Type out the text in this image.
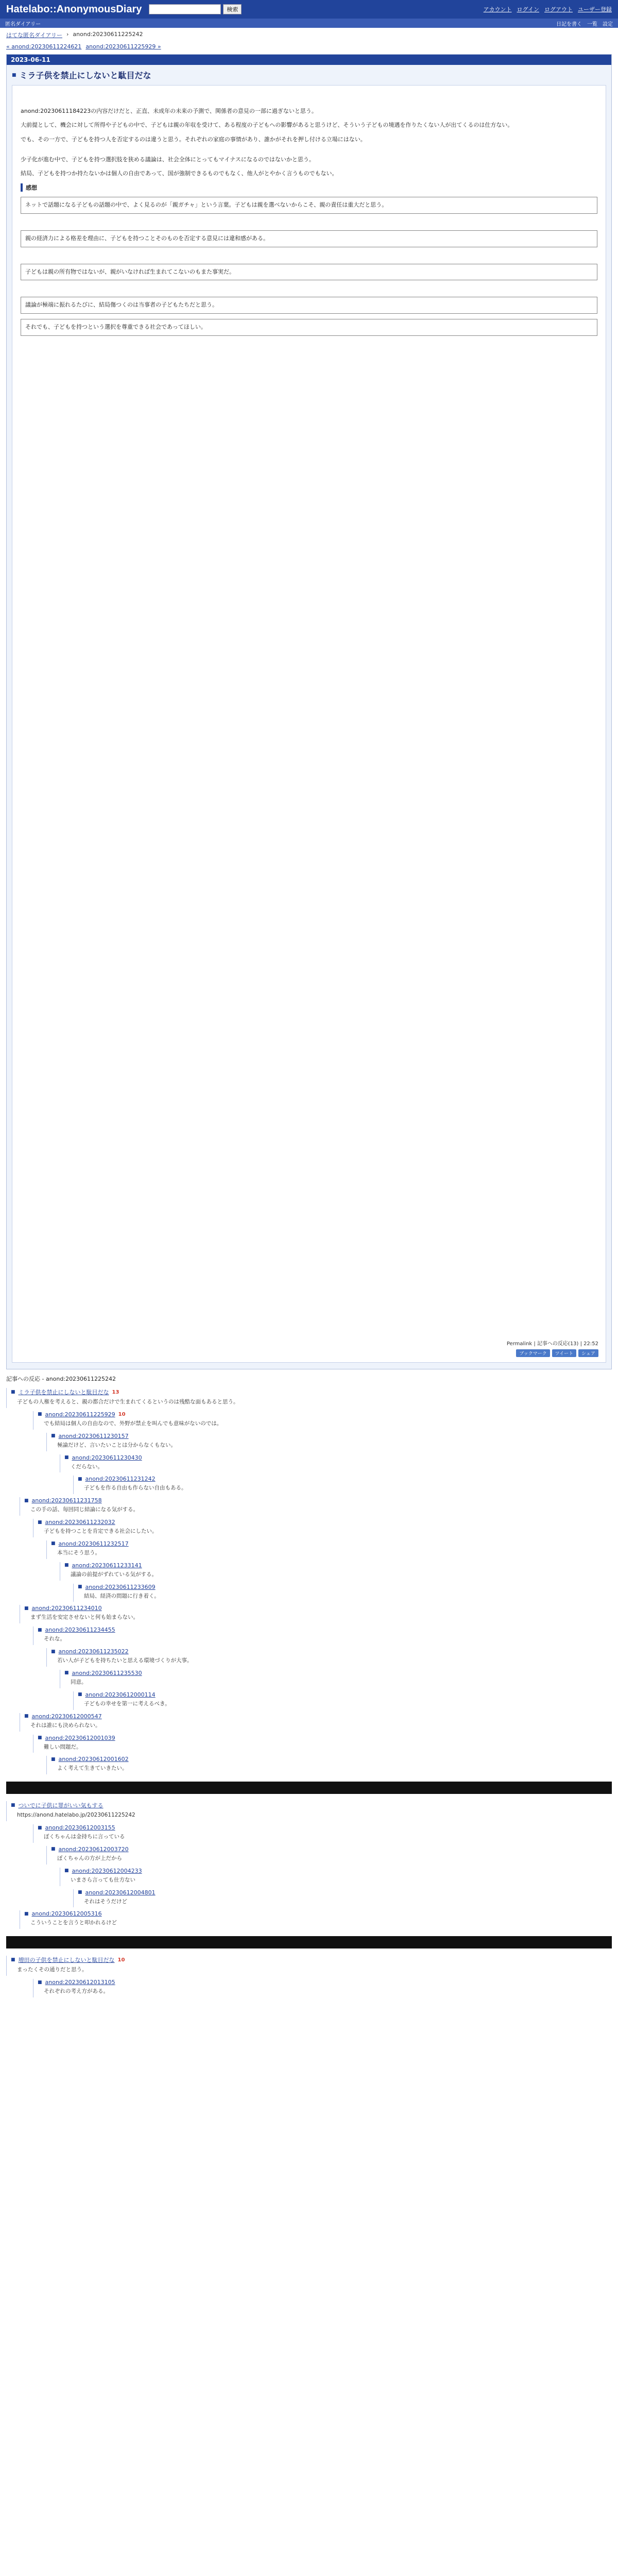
Hatelabo::AnonymousDiary	検索	アカウント ログイン ログアウト ユーザー登録
匿名ダイアリー	日記を書く 一覧 設定
はてな匿名ダイアリー › anond:20230611225242
« anond:20230611224621 anond:20230611225929 »
2023-06-11
■ ミラ子供を禁止にしないと駄目だな

anond:20230611184223の内容だけだと、正直、未成年の未来の予測で、関係者の意見の一部に過ぎないと思う。

大前提として、機会に対して所得や子どもの中で、子どもは親の年収を受けて、ある程度の子どもへの影響があると思うけど、そういう子どもの境遇を作りたくない人が出てくるのは仕方ない。

でも、その一方で、子どもを持つ人を否定するのは違うと思う。それぞれの家庭の事情があり、誰かがそれを押し付ける立場にはない。

少子化が進む中で、子どもを持つ選択肢を狭める議論は、社会全体にとってもマイナスになるのではないかと思う。

結局、子どもを持つか持たないかは個人の自由であって、国が強制できるものでもなく、他人がとやかく言うものでもない。

感想
ネットで話題になる子どもの話題の中で、よく見るのが「親ガチャ」という言葉。子どもは親を選べないからこそ、親の責任は重大だと思う。
親の経済力による格差を理由に、子どもを持つことそのものを否定する意見には違和感がある。
子どもは親の所有物ではないが、親がいなければ生まれてこないのもまた事実だ。
議論が極端に振れるたびに、結局傷つくのは当事者の子どもたちだと思う。
それでも、子どもを持つという選択を尊重できる社会であってほしい。
Permalink | 記事への反応(13) | 22:52
ブックマーク	ツイート	シェア
記事への反応 - anond:20230611225242
■ ミラ子供を禁止にしないと駄目だな 13
子どもの人権を考えると、親の都合だけで生まれてくるというのは残酷な面もあると思う。
■ anond:20230611225929 10
でも結局は個人の自由なので、外野が禁止を叫んでも意味がないのでは。
■ anond:20230611230157
極論だけど、言いたいことは分からなくもない。
■ anond:20230611230430
くだらない。
■ anond:20230611231242
子どもを作る自由も作らない自由もある。
■ anond:20230611231758
この手の話、毎回同じ結論になる気がする。
■ anond:20230611232032
子どもを持つことを肯定できる社会にしたい。
■ anond:20230611232517
本当にそう思う。
■ anond:20230611233141
議論の前提がずれている気がする。
■ anond:20230611233609
結局、経済の問題に行き着く。
■ anond:20230611234010
まず生活を安定させないと何も始まらない。
■ anond:20230611234455
それな。
■ anond:20230611235022
若い人が子どもを持ちたいと思える環境づくりが大事。
■ anond:20230611235530
同意。
■ anond:20230612000114
子どもの幸せを第一に考えるべき。
■ anond:20230612000547
それは誰にも決められない。
■ anond:20230612001039
難しい問題だ。
■ anond:20230612001602
よく考えて生きていきたい。
■ ついでに子供に罪がいい気もする
https://anond.hatelabo.jp/20230611225242
■ anond:20230612003155
ぼくちゃんは金持ちに言っている
■ anond:20230612003720
ぼくちゃんの方が上だから
■ anond:20230612004233
いまさら言っても仕方ない
■ anond:20230612004801
それはそうだけど
■ anond:20230612005316
こういうことを言うと叩かれるけど
■ 増田の子供を禁止にしないと駄目だな 10
まったくその通りだと思う。
■ anond:20230612013105
それぞれの考え方がある。
